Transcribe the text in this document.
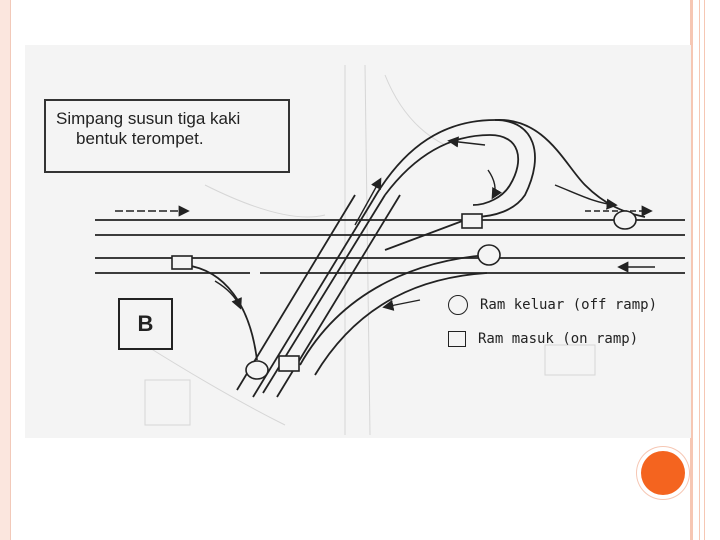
Simpang susun tiga kaki
bentuk terompet.
B
Ram keluar (off ramp)
Ram masuk (on ramp)
